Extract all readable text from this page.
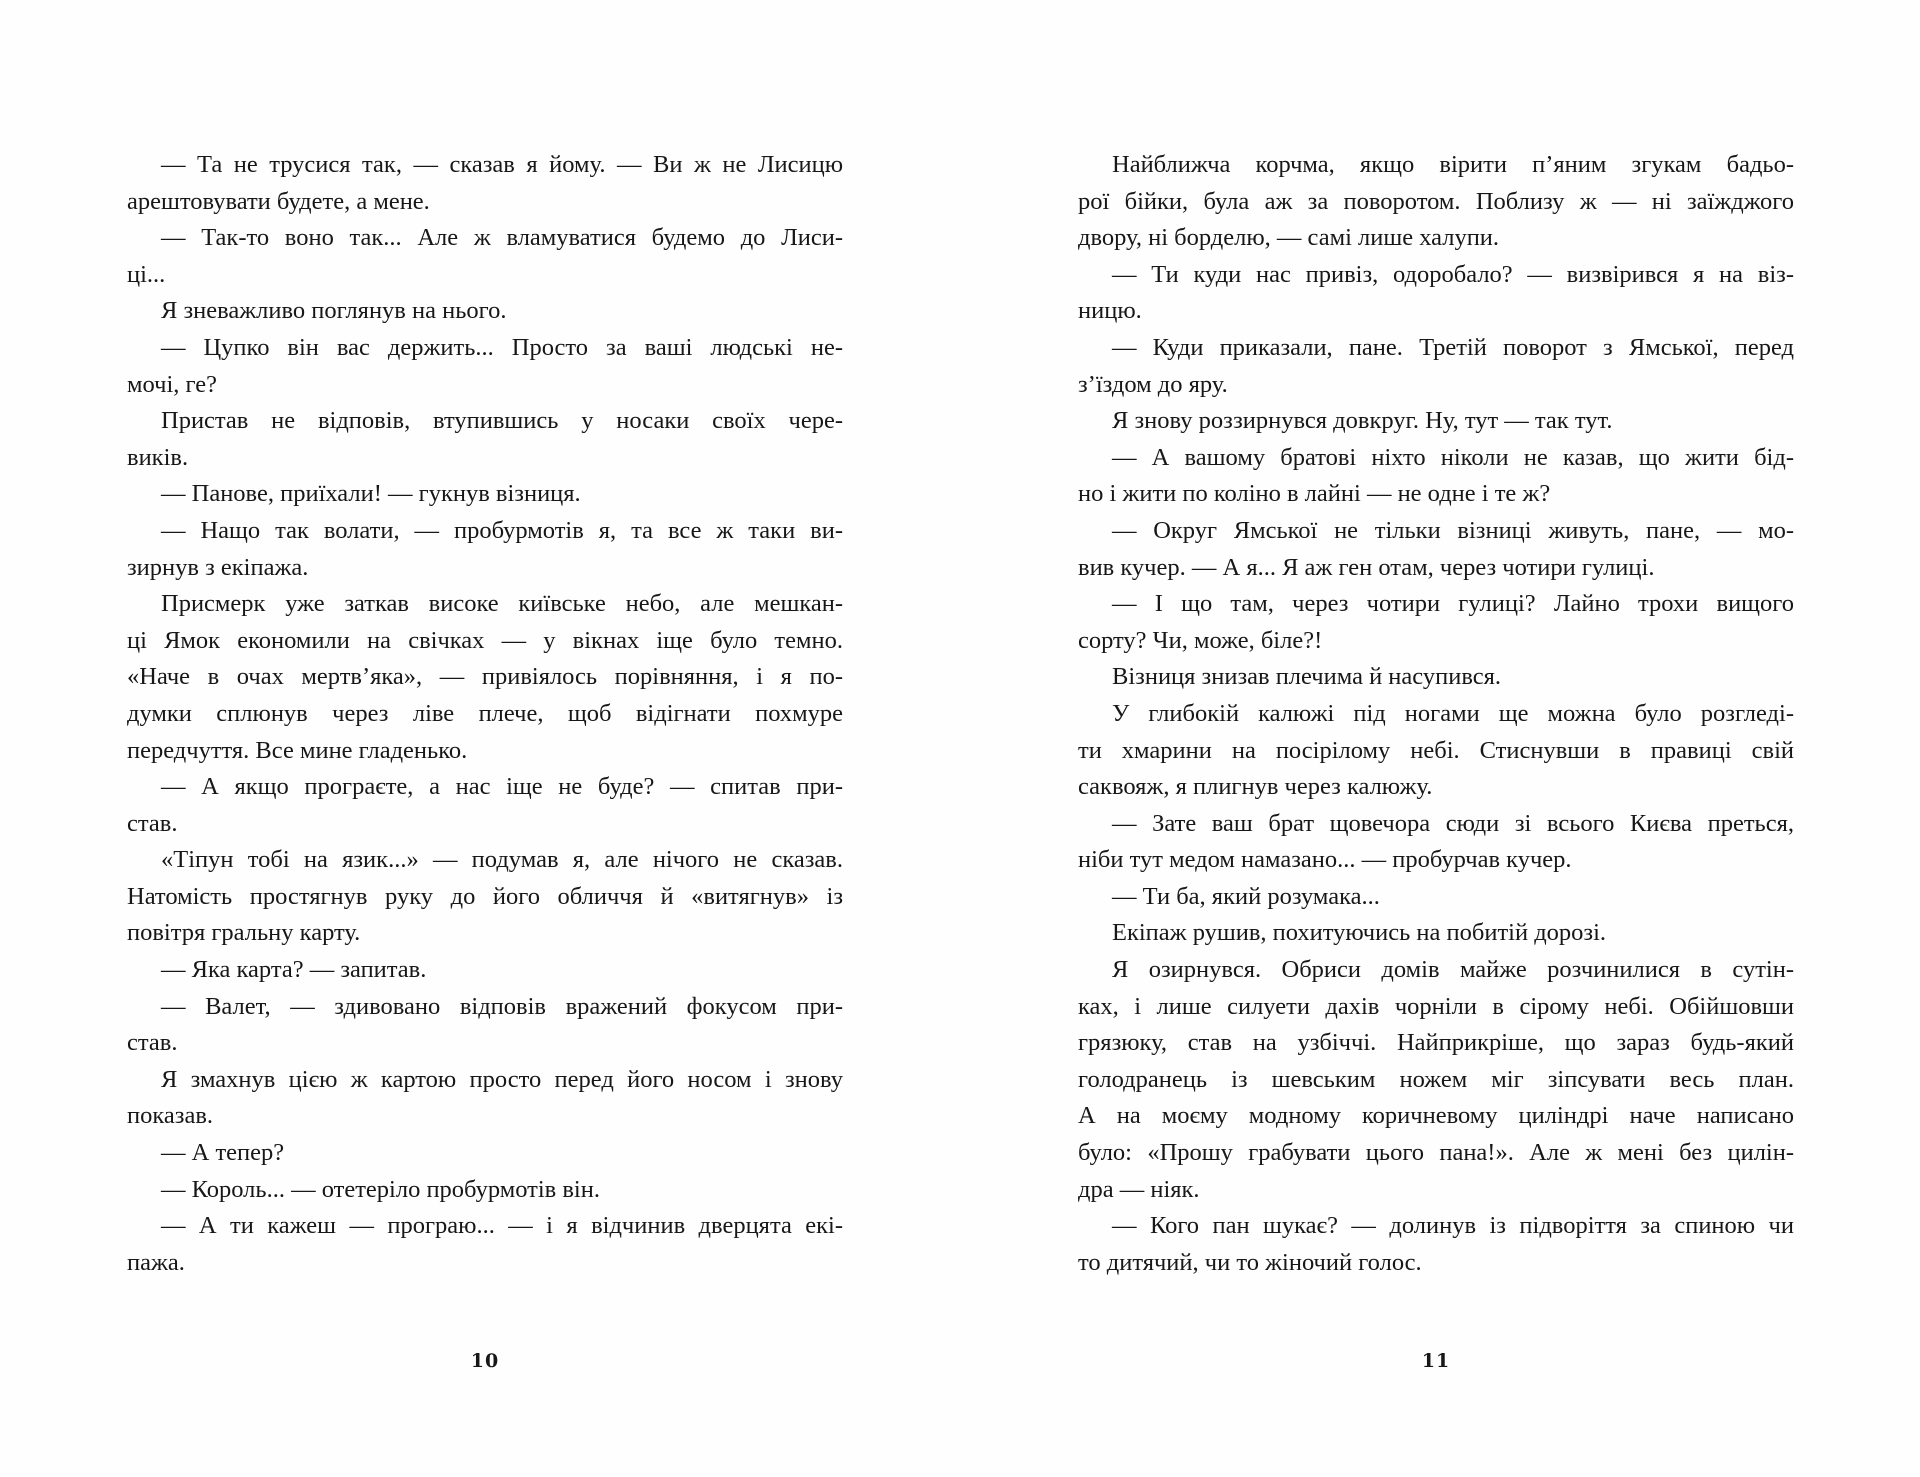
— Та не трусися так, — сказав я йому. — Ви ж не Лисицю
арештовувати будете, а мене.
— Так-то воно так... Але ж вламуватися будемо до Лиси-
ці...
Я зневажливо поглянув на нього.
— Цупко він вас держить... Просто за ваші людські не-
мочі, ге?
Пристав не відповів, втупившись у носаки своїх чере-
виків.
— Панове, приїхали! — гукнув візниця.
— Нащо так волати, — пробурмотів я, та все ж таки ви-
зирнув з екіпажа.
Присмерк уже заткав високе київське небо, але мешкан-
ці Ямок економили на свічках — у вікнах іще було темно.
«Наче в очах мертв’яка», — привіялось порівняння, і я по-
думки сплюнув через ліве плече, щоб відігнати похмуре
передчуття. Все мине гладенько.
— А якщо програєте, а нас іще не буде? — спитав при-
став.
«Тіпун тобі на язик...» — подумав я, але нічого не сказав.
Натомість простягнув руку до його обличчя й «витягнув» із
повітря гральну карту.
— Яка карта? — запитав.
— Валет, — здивовано відповів вражений фокусом при-
став.
Я змахнув цією ж картою просто перед його носом і знову
показав.
— А тепер?
— Король... — отетеріло пробурмотів він.
— А ти кажеш — програю... — і я відчинив дверцята екі-
пажа.
10
Найближча корчма, якщо вірити п’яним згукам бадьо-
рої бійки, була аж за поворотом. Поблизу ж — ні заїжджого
двору, ні борделю, — самі лише халупи.
— Ти куди нас привіз, одоробало? — визвірився я на віз-
ницю.
— Куди приказали, пане. Третій поворот з Ямської, перед
з’їздом до яру.
Я знову роззирнувся довкруг. Ну, тут — так тут.
— А вашому братові ніхто ніколи не казав, що жити бід-
но і жити по коліно в лайні — не одне і те ж?
— Округ Ямської не тільки візниці живуть, пане, — мо-
вив кучер. — А я... Я аж ген отам, через чотири гулиці.
— І що там, через чотири гулиці? Лайно трохи вищого
сорту? Чи, може, біле?!
Візниця знизав плечима й насупився.
У глибокій калюжі під ногами ще можна було розгледі-
ти хмарини на посірілому небі. Стиснувши в правиці свій
саквояж, я плигнув через калюжу.
— Зате ваш брат щовечора сюди зі всього Києва преться,
ніби тут медом намазано... — пробурчав кучер.
— Ти ба, який розумака...
Екіпаж рушив, похитуючись на побитій дорозі.
Я озирнувся. Обриси домів майже розчинилися в сутін-
ках, і лише силуети дахів чорніли в сірому небі. Обійшовши
грязюку, став на узбіччі. Найприкріше, що зараз будь-який
голодранець із шевським ножем міг зіпсувати весь план.
А на моєму модному коричневому циліндрі наче написано
було: «Прошу грабувати цього пана!». Але ж мені без цилін-
дра — ніяк.
— Кого пан шукає? — долинув із підворіття за спиною чи
то дитячий, чи то жіночий голос.
11
